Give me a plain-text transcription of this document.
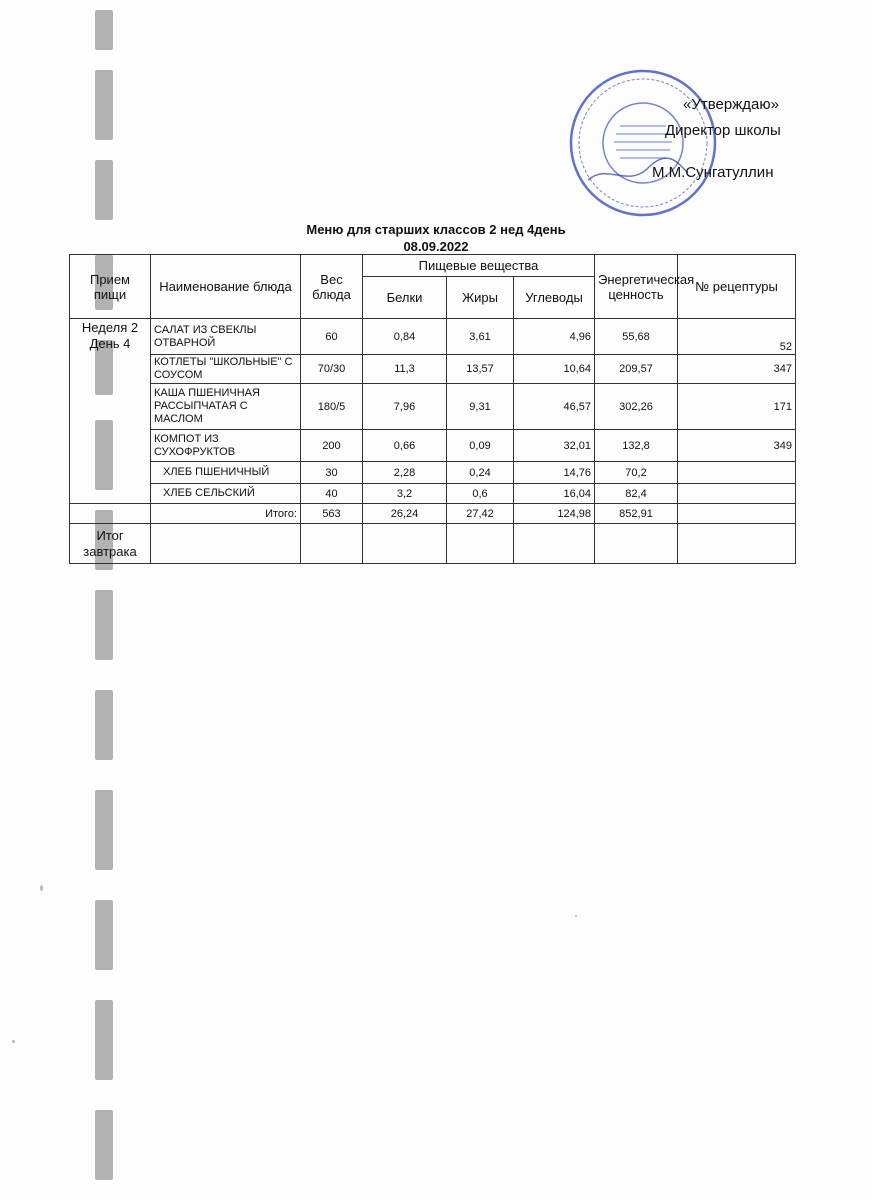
«Утверждаю»
Директор школы
М.М.Сунгатуллин
Меню для старших классов 2 нед 4день
08.09.2022
Прием пищи	Наименование блюда	Вес блюда	Пищевые вещества			Энергетическая ценность	№ рецептуры
			Белки	Жиры	Углеводы		
Неделя 2 День 4	САЛАТ ИЗ СВЕКЛЫ ОТВАРНОЙ	60	0,84	3,61	4,96	55,68	52
	КОТЛЕТЫ "ШКОЛЬНЫЕ" С СОУСОМ	70/30	11,3	13,57	10,64	209,57	347
	КАША ПШЕНИЧНАЯ РАССЫПЧАТАЯ С МАСЛОМ	180/5	7,96	9,31	46,57	302,26	171
	КОМПОТ ИЗ СУХОФРУКТОВ	200	0,66	0,09	32,01	132,8	349
	ХЛЕБ ПШЕНИЧНЫЙ	30	2,28	0,24	14,76	70,2	
	ХЛЕБ СЕЛЬСКИЙ	40	3,2	0,6	16,04	82,4	
	Итого:	563	26,24	27,42	124,98	852,91	
Итог завтрака							
